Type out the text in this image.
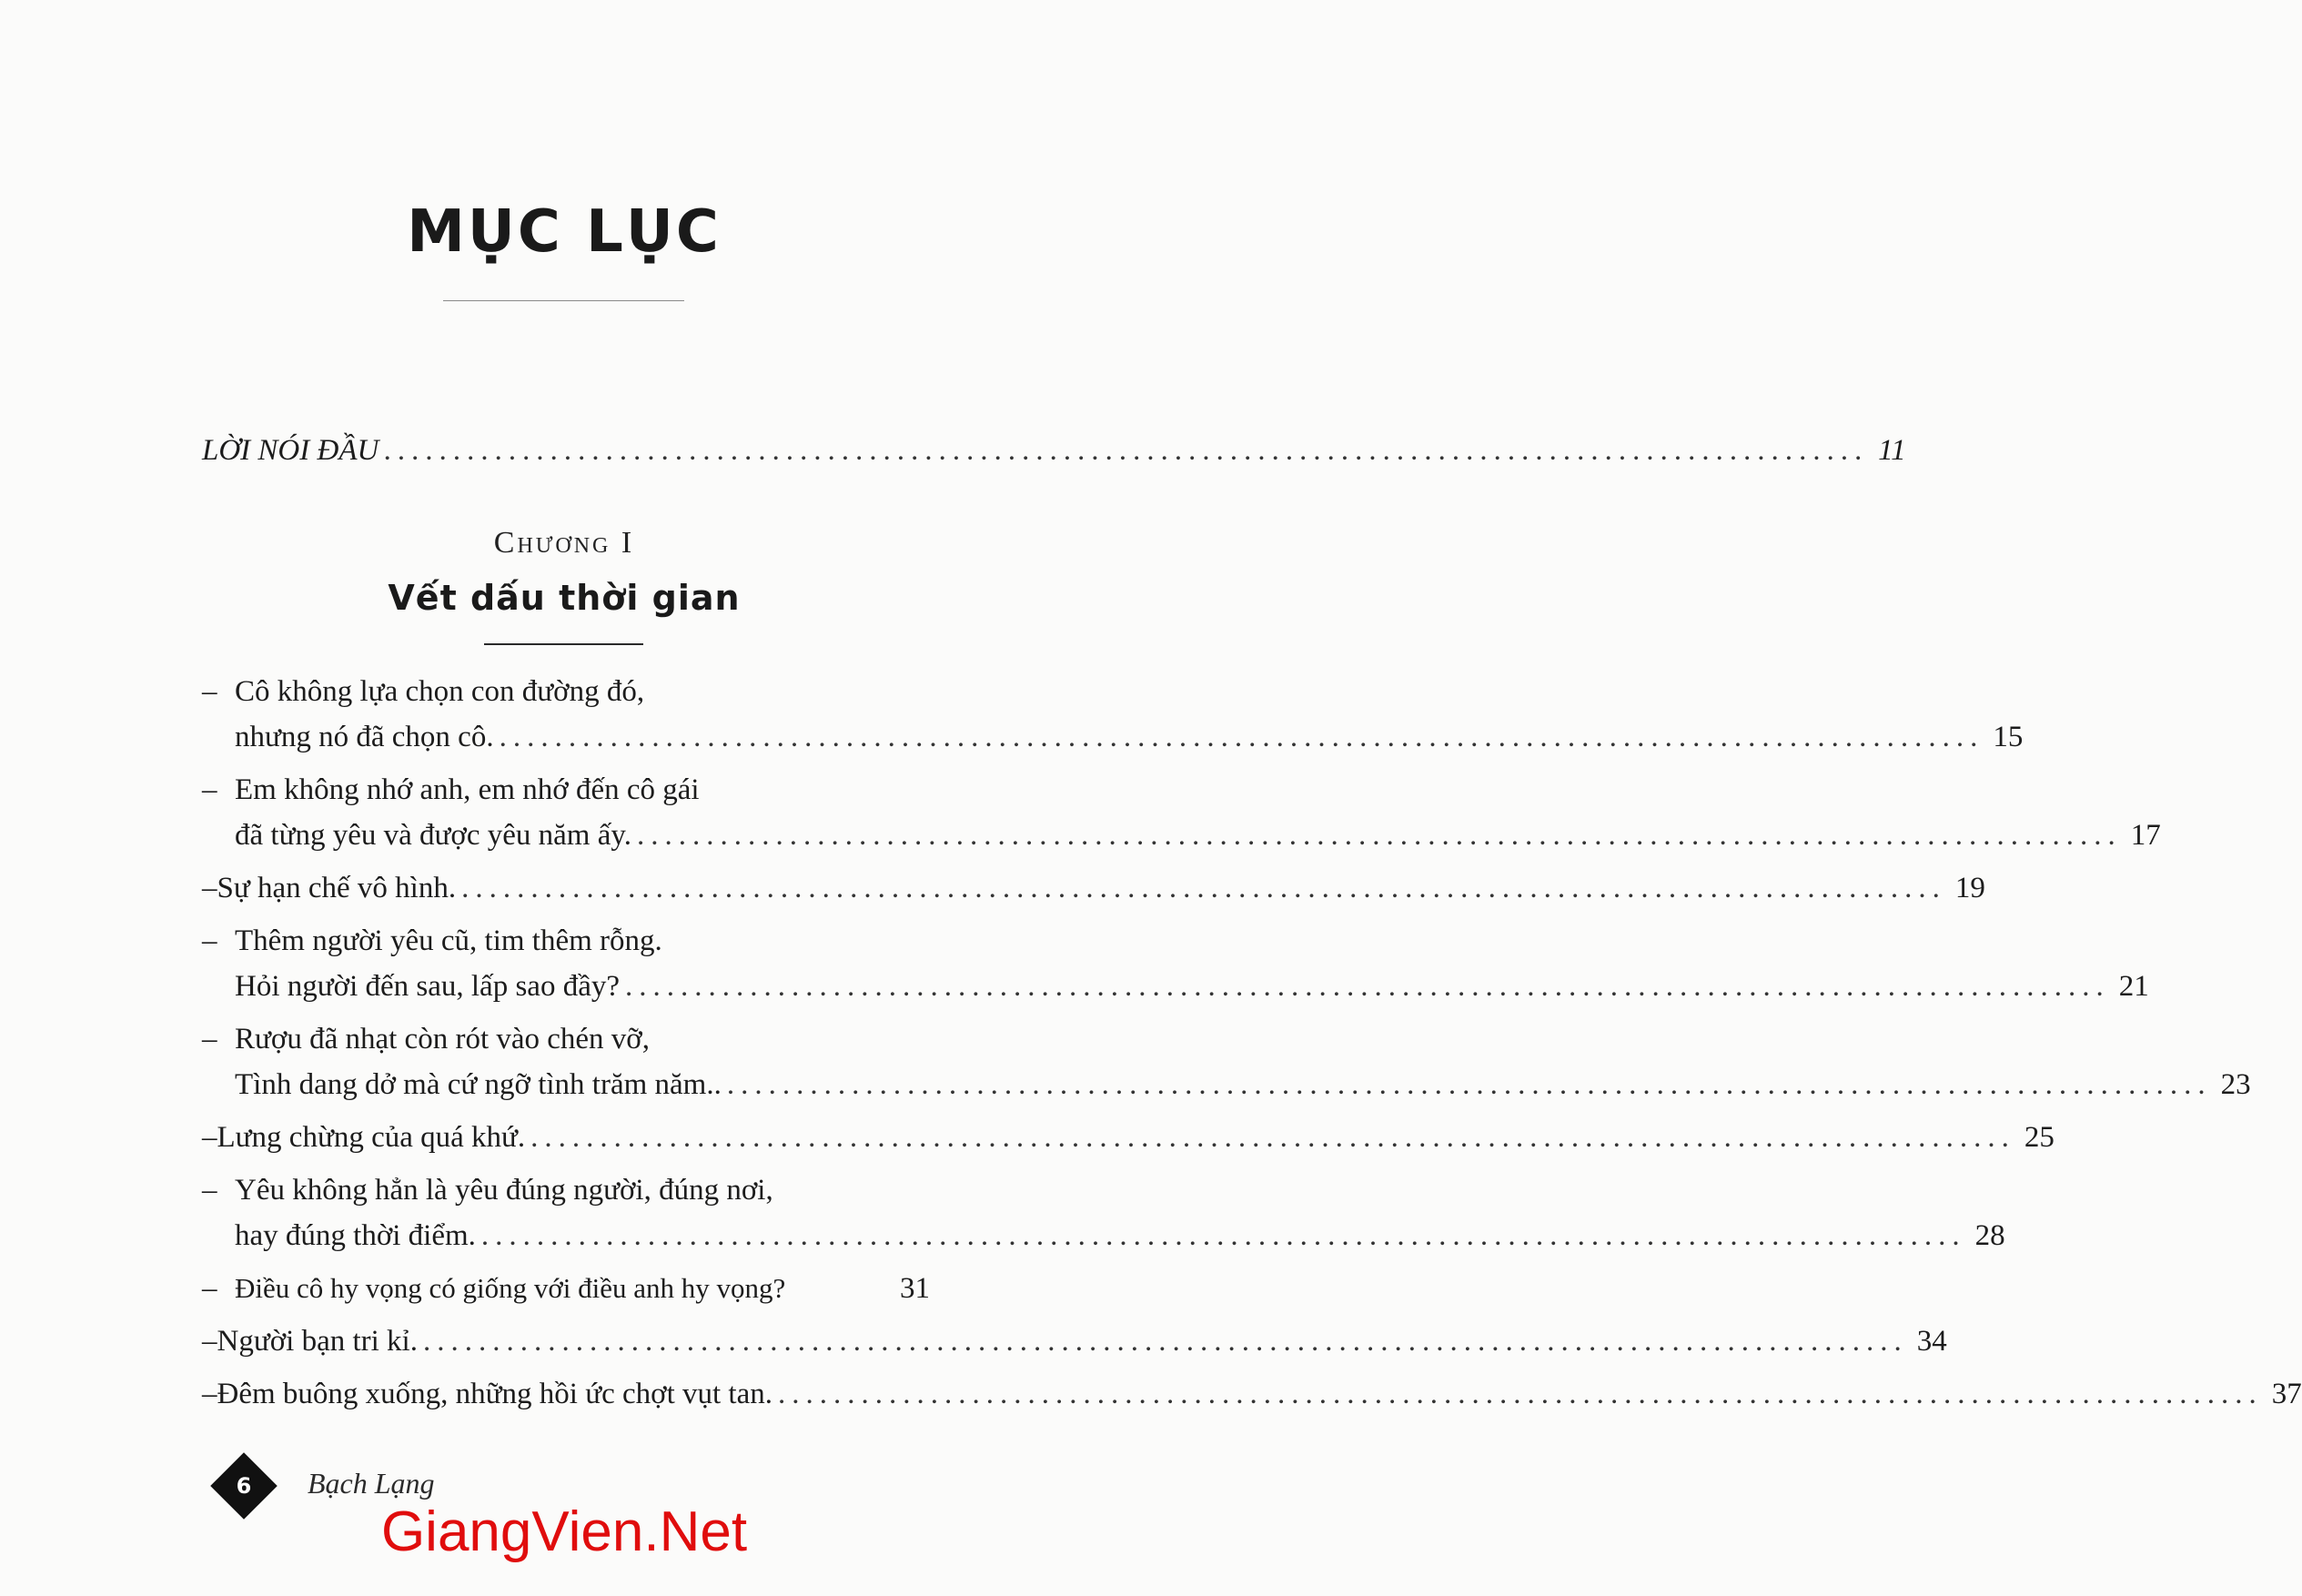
MỤC LỤC
LỜI NÓI ĐẦU ........................................................................................................... 11
Chương I
Vết dấu thời gian
– Cô không lựa chọn con đường đó,
nhưng nó đã chọn cô. ........................................................................................................... 15
– Em không nhớ anh, em nhớ đến cô gái
đã từng yêu và được yêu năm ấy. ........................................................................................................... 17
– Sự hạn chế vô hình. ........................................................................................................... 19
– Thêm người yêu cũ, tim thêm rỗng.
Hỏi người đến sau, lấp sao đầy? ........................................................................................................... 21
– Rượu đã nhạt còn rót vào chén vỡ,
Tình dang dở mà cứ ngỡ tình trăm năm.. ........................................................................................................... 23
– Lưng chừng của quá khứ. ........................................................................................................... 25
– Yêu không hẳn là yêu đúng người, đúng nơi,
hay đúng thời điểm. ........................................................................................................... 28
– Điều cô hy vọng có giống với điều anh hy vọng?	31
– Người bạn tri kỉ. ........................................................................................................... 34
– Đêm buông xuống, những hồi ức chợt vụt tan. ........................................................................................................... 37
6	Bạch Lạng
GiangVien.Net
